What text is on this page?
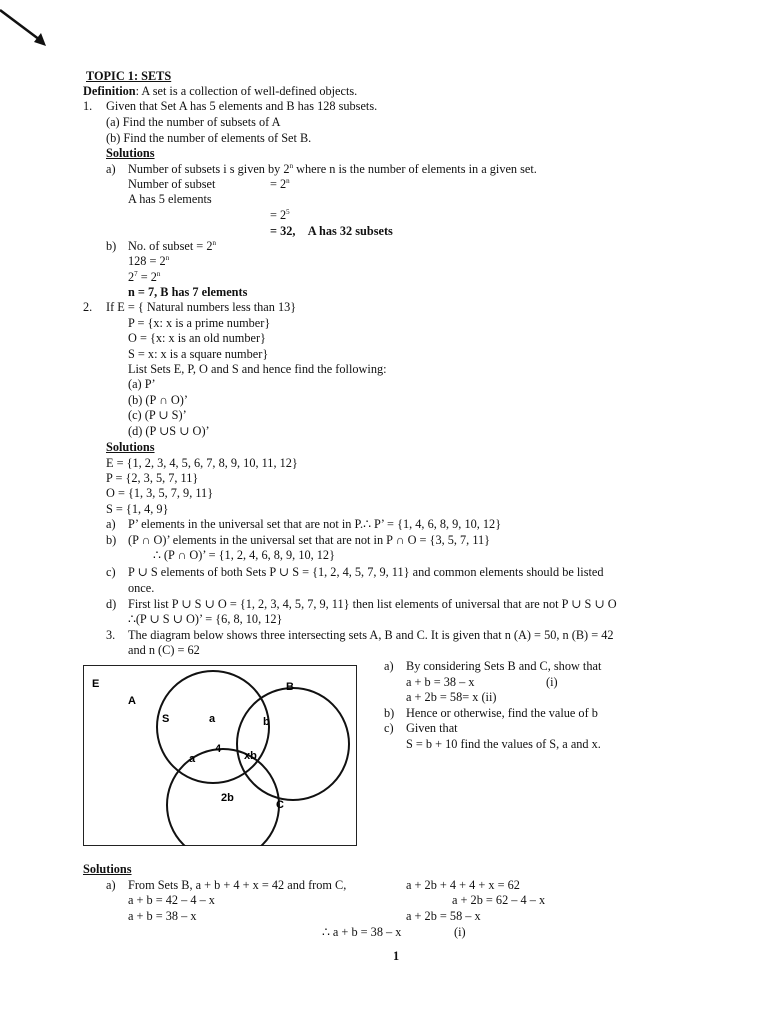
TOPIC 1: SETS
Definition: A set is a collection of well-defined objects.
1. Given that Set A has 5 elements and B has 128 subsets.
(a) Find the number of subsets of A
(b) Find the number of elements of Set B.
Solutions
a) Number of subsets i s given by 2$^n$ where n is the number of elements in a given set.
Number of subset	= $2^n$
A has 5 elements
= $2^5$
= 32, A has 32 subsets
b) No. of subset = $2^n$
$128 = 2^n$
$2^7 = 2^n$
n = 7, B has 7 elements
2. If E = { Natural numbers less than 13}
P = {x: x is a prime number}
O = {x: x is an old number}
S = x: x is a square number}
List Sets E, P, O and S and hence find the following:
(a) P’
(b) (P ∩ O)’
(c) (P ∪ S)’
(d) (P ∪S ∪ O)’
Solutions
E = {1, 2, 3, 4, 5, 6, 7, 8, 9, 10, 11, 12}
P = {2, 3, 5, 7, 11}
O = {1, 3, 5, 7, 9, 11}
S = {1, 4, 9}
a) P’ elements in the universal set that are not in P.∴ P’ = {1, 4, 6, 8, 9, 10, 12}
b) (P ∩ O)’ elements in the universal set that are not in P ∩ O = {3, 5, 7, 11}
∴ (P ∩ O)’ = {1, 2, 4, 6, 8, 9, 10, 12}
c) P ∪ S elements of both Sets P ∪ S = {1, 2, 4, 5, 7, 9, 11} and common elements should be listed
once.
d) First list P ∪ S ∪ O = {1, 2, 3, 4, 5, 7, 9, 11} then list elements of universal that are not P ∪ S ∪ O
∴(P ∪ S ∪ O)’ = {6, 8, 10, 12}
3. The diagram below shows three intersecting sets A, B and C. It is given that n (A) = 50, n (B) = 42
and n (C) = 62
E
A
B
C
S	a	b
4
xb
a
2b
a) By considering Sets B and C, show that
a + b = 38 – x	(i)
a + 2b = 58= x (ii)
b) Hence or otherwise, find the value of b
c) Given that
S = b + 10 find the values of S, a and x.
Solutions
a) From Sets B, a + b + 4 + x = 42 and from C,	a + 2b + 4 + 4 + x = 62
a + b = 42 – 4 – x	a + 2b = 62 – 4 – x
a + b = 38 – x	a + 2b = 58 – x
∴ a + b = 38 – x	(i)
1
